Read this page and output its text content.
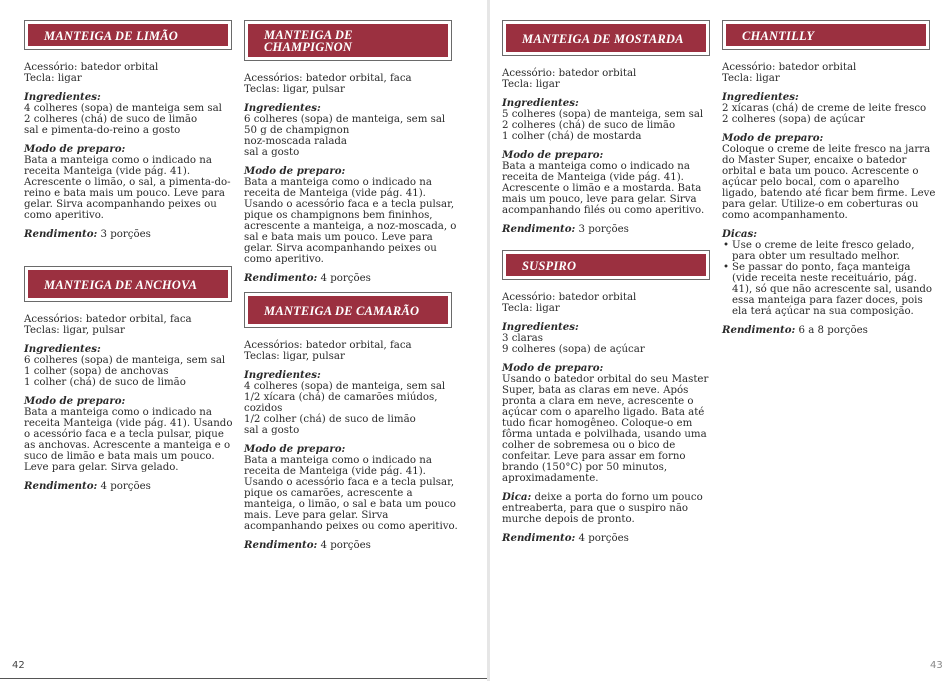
MANTEIGA DE LIMÃO

Acessório: batedor orbital

Tecla: ligar

Ingredientes:

4 colheres (sopa) de manteiga sem sal

2 colheres (chá) de suco de limão

sal e pimenta-do-reino a gosto

Modo de preparo:

Bata a manteiga como o indicado na receita Manteiga (vide pág. 41). Acrescente o limão, o sal, a pimenta-do-reino e bata mais um pouco. Leve para gelar. Sirva acompanhando peixes ou como aperitivo.

Rendimento: 3 porções

MANTEIGA DE ANCHOVA

Acessórios: batedor orbital, faca

Teclas: ligar, pulsar

Ingredientes:

6 colheres (sopa) de manteiga, sem sal

1 colher (sopa) de anchovas

1 colher (chá) de suco de limão

Modo de preparo:

Bata a manteiga como o indicado na receita Manteiga (vide pág. 41). Usando o acessório faca e a tecla pulsar, pique as anchovas. Acrescente a manteiga e o suco de limão e bata mais um pouco. Leve para gelar. Sirva gelado.

Rendimento: 4 porções

MANTEIGA DE CHAMPIGNON

Acessórios: batedor orbital, faca

Teclas: ligar, pulsar

Ingredientes:

6 colheres (sopa) de manteiga, sem sal

50 g de champignon

noz-moscada ralada

sal a gosto

Modo de preparo:

Bata a manteiga como o indicado na receita de Manteiga (vide pág. 41). Usando o acessório faca e a tecla pulsar, pique os champignons bem fininhos, acrescente a manteiga, a noz-moscada, o sal e bata mais um pouco. Leve para gelar. Sirva acompanhando peixes ou como aperitivo.

Rendimento: 4 porções

MANTEIGA DE CAMARÃO

Acessórios: batedor orbital, faca

Teclas: ligar, pulsar

Ingredientes:

4 colheres (sopa) de manteiga, sem sal

1/2 xícara (chá) de camarões miúdos, cozidos

1/2 colher (chá) de suco de limão

sal a gosto

Modo de preparo:

Bata a manteiga como o indicado na receita de Manteiga (vide pág. 41). Usando o acessório faca e a tecla pulsar, pique os camarões, acrescente a manteiga, o limão, o sal e bata um pouco mais. Leve para gelar. Sirva acompanhando peixes ou como aperitivo.

Rendimento: 4 porções

42
MANTEIGA DE MOSTARDA

Acessório: batedor orbital

Tecla: ligar

Ingredientes:

5 colheres (sopa) de manteiga, sem sal

2 colheres (chá) de suco de limão

1 colher (chá) de mostarda

Modo de preparo:

Bata a manteiga como o indicado na receita de Manteiga (vide pág. 41). Acrescente o limão e a mostarda. Bata mais um pouco, leve para gelar. Sirva acompanhando filés ou como aperitivo.

Rendimento: 3 porções

SUSPIRO

Acessório: batedor orbital

Tecla: ligar

Ingredientes:

3 claras

9 colheres (sopa) de açúcar

Modo de preparo:

Usando o batedor orbital do seu Master Super, bata as claras em neve. Após pronta a clara em neve, acrescente o açúcar com o aparelho ligado. Bata até tudo ficar homogêneo. Coloque-o em fôrma untada e polvilhada, usando uma colher de sobremesa ou o bico de confeitar. Leve para assar em forno brando (150°C) por 50 minutos, aproximadamente.

Dica: deixe a porta do forno um pouco entreaberta, para que o suspiro não murche depois de pronto.

Rendimento: 4 porções

CHANTILLY

Acessório: batedor orbital

Tecla: ligar

Ingredientes:

2 xícaras (chá) de creme de leite fresco

2 colheres (sopa) de açúcar

Modo de preparo:

Coloque o creme de leite fresco na jarra do Master Super, encaixe o batedor orbital e bata um pouco. Acrescente o açúcar pelo bocal, com o aparelho ligado, batendo até ficar bem firme. Leve para gelar. Utilize-o em coberturas ou como acompanhamento.

Dicas:

• Use o creme de leite fresco gelado, para obter um resultado melhor.
• Se passar do ponto, faça manteiga (vide receita neste receituário, pág. 41), só que não acrescente sal, usando essa manteiga para fazer doces, pois ela terá açúcar na sua composição.

Rendimento: 6 a 8 porções

43
